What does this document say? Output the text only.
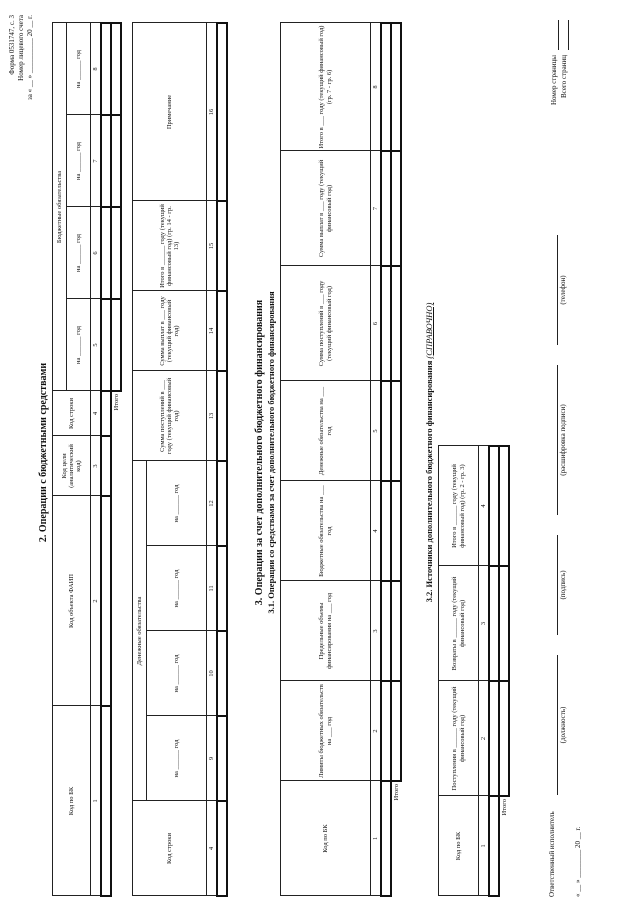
Форма 0531747, с. 3 Номер лицевого счета за « __ » __________ 20 __ г.
2. Операции с бюджетными средствами
Код по БК	Код объекта ФАИП	Код цели (аналитический код)	Код строки	Бюджетные обязательства			
				на ______ год	на ______ год	на ______ год	на ______ год
1	2	3	4	5	6	7	8

			Итого				
Код строки	Денежные обязательства				Сумма поступлений в ___ году (текущий финансовый год)	Сумма выплат в ___ году (текущий финансовый год)	Итого в ______ году (текущий финансовый год) (гр. 14 - гр. 13)	Примечание
	на ______ год	на ______ год	на ______ год	на ______ год				
4	9	10	11	12	13	14	15	16

3. Операции за счет дополнительного бюджетного финансирования 3.1. Операции со средствами за счет дополнительного бюджетного финансирования
Код по БК	Лимиты бюджетных обязательств на ___ год	Предельные объемы финансирования на ___ год	Бюджетные обязательства на ___ год	Денежные обязательства на ___ год	Сумма поступлений в ___ году (текущий финансовый год)	Сумма выплат в ___ году (текущий финансовый год)	Итого в ___ году (текущий финансовый год) (гр. 7 - гр. 6)
1	2	3	4	5	6	7	8

Итого							
3.2. Источники дополнительного бюджетного финансирования (СПРАВОЧНО)
Код по БК	Поступления в ______ году (текущий финансовый год)	Возвраты в ______ году (текущий финансовый год)	Итого в ______ году (текущий финансовый год) (гр. 2 - гр. 3)
1	2	3	4

Итого			
Ответственный исполнитель
(должность)
(подпись)
(расшифровка подписи)
(телефон)
« __ » ________ 20 __ г.
Номер страницы Всего страниц
